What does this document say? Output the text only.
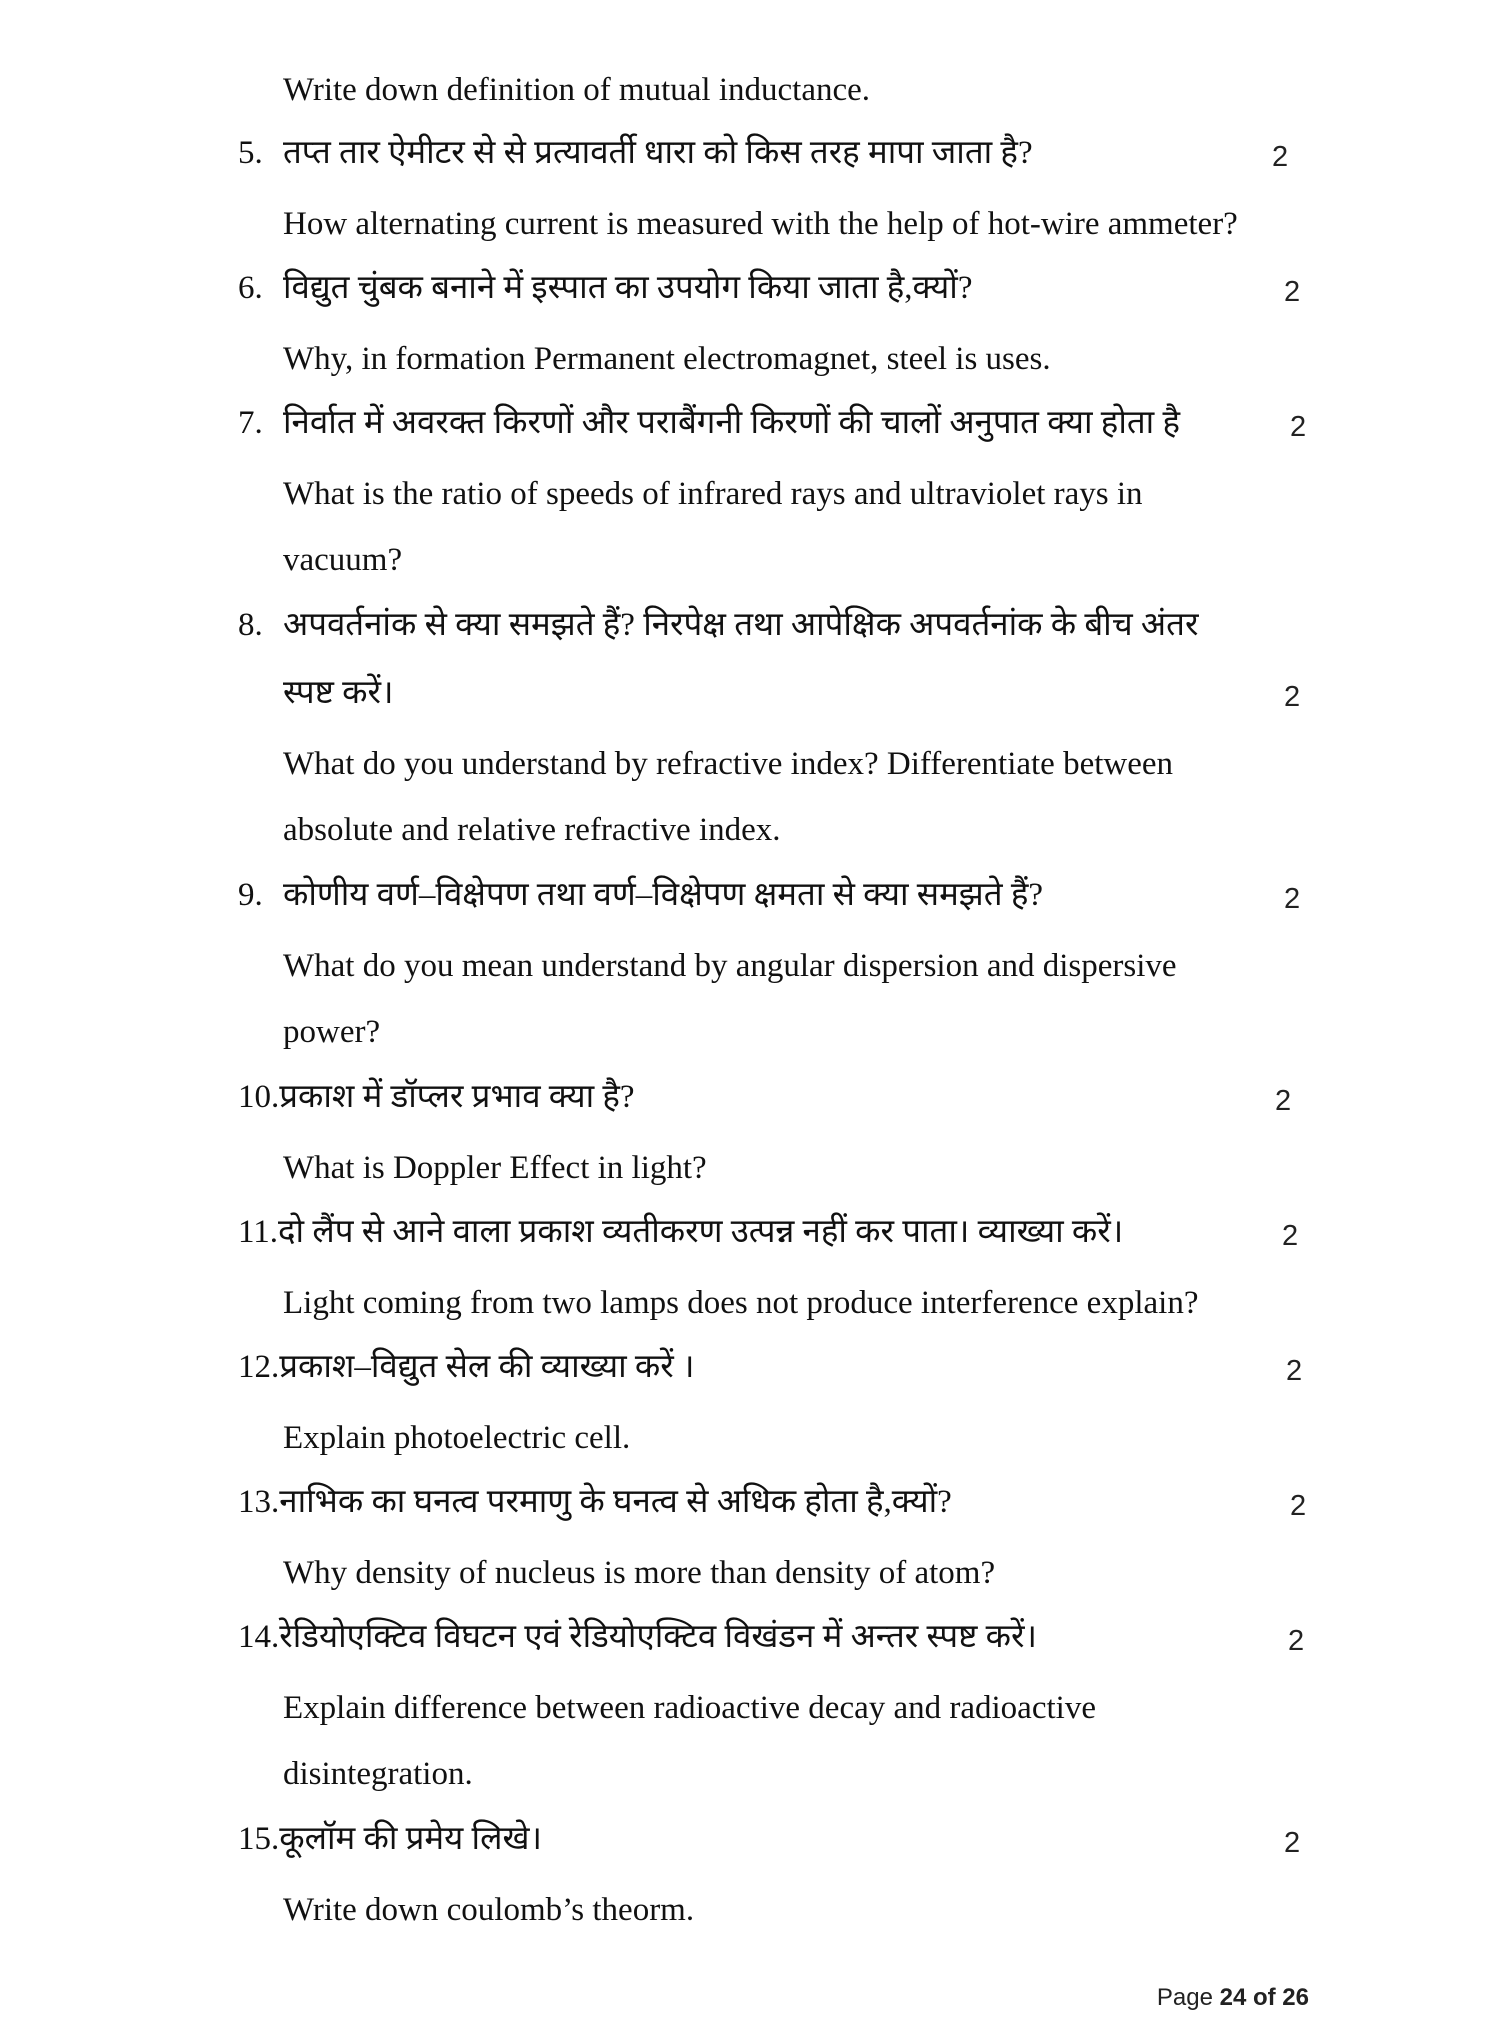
Write down definition of mutual inductance.
5. तप्त तार ऐमीटर से से प्रत्यावर्ती धारा को किस तरह मापा जाता है?	2
How alternating current is measured with the help of hot-wire ammeter?
6. विद्युत चुंबक बनाने में इस्पात का उपयोग किया जाता है,क्यों?	2
Why, in formation Permanent electromagnet, steel is uses.
7. निर्वात में अवरक्त किरणों और पराबैंगनी किरणों की चालों अनुपात क्या होता है	2
What is the ratio of speeds of infrared rays and ultraviolet rays in
vacuum?
8. अपवर्तनांक से क्या समझते हैं? निरपेक्ष तथा आपेक्षिक अपवर्तनांक के बीच अंतर
स्पष्ट करें।	2
What do you understand by refractive index? Differentiate between
absolute and relative refractive index.
9. कोणीय वर्ण–विक्षेपण तथा वर्ण–विक्षेपण क्षमता से क्या समझते हैं?	2
What do you mean understand by angular dispersion and dispersive
power?
10.प्रकाश में डॉप्लर प्रभाव क्या है?	2
What is Doppler Effect in light?
11.दो लैंप से आने वाला प्रकाश व्यतीकरण उत्पन्न नहीं कर पाता। व्याख्या करें।	2
Light coming from two lamps does not produce interference explain?
12.प्रकाश–विद्युत सेल की व्याख्या करें ।	2
Explain photoelectric cell.
13.नाभिक का घनत्व परमाणु के घनत्व से अधिक होता है,क्यों?	2
Why density of nucleus is more than density of atom?
14.रेडियोएक्टिव विघटन एवं रेडियोएक्टिव विखंडन में अन्तर स्पष्ट करें।	2
Explain difference between radioactive decay and radioactive
disintegration.
15.कूलॉम की प्रमेय लिखे।	2
Write down coulomb’s theorm.
Page 24 of 26
